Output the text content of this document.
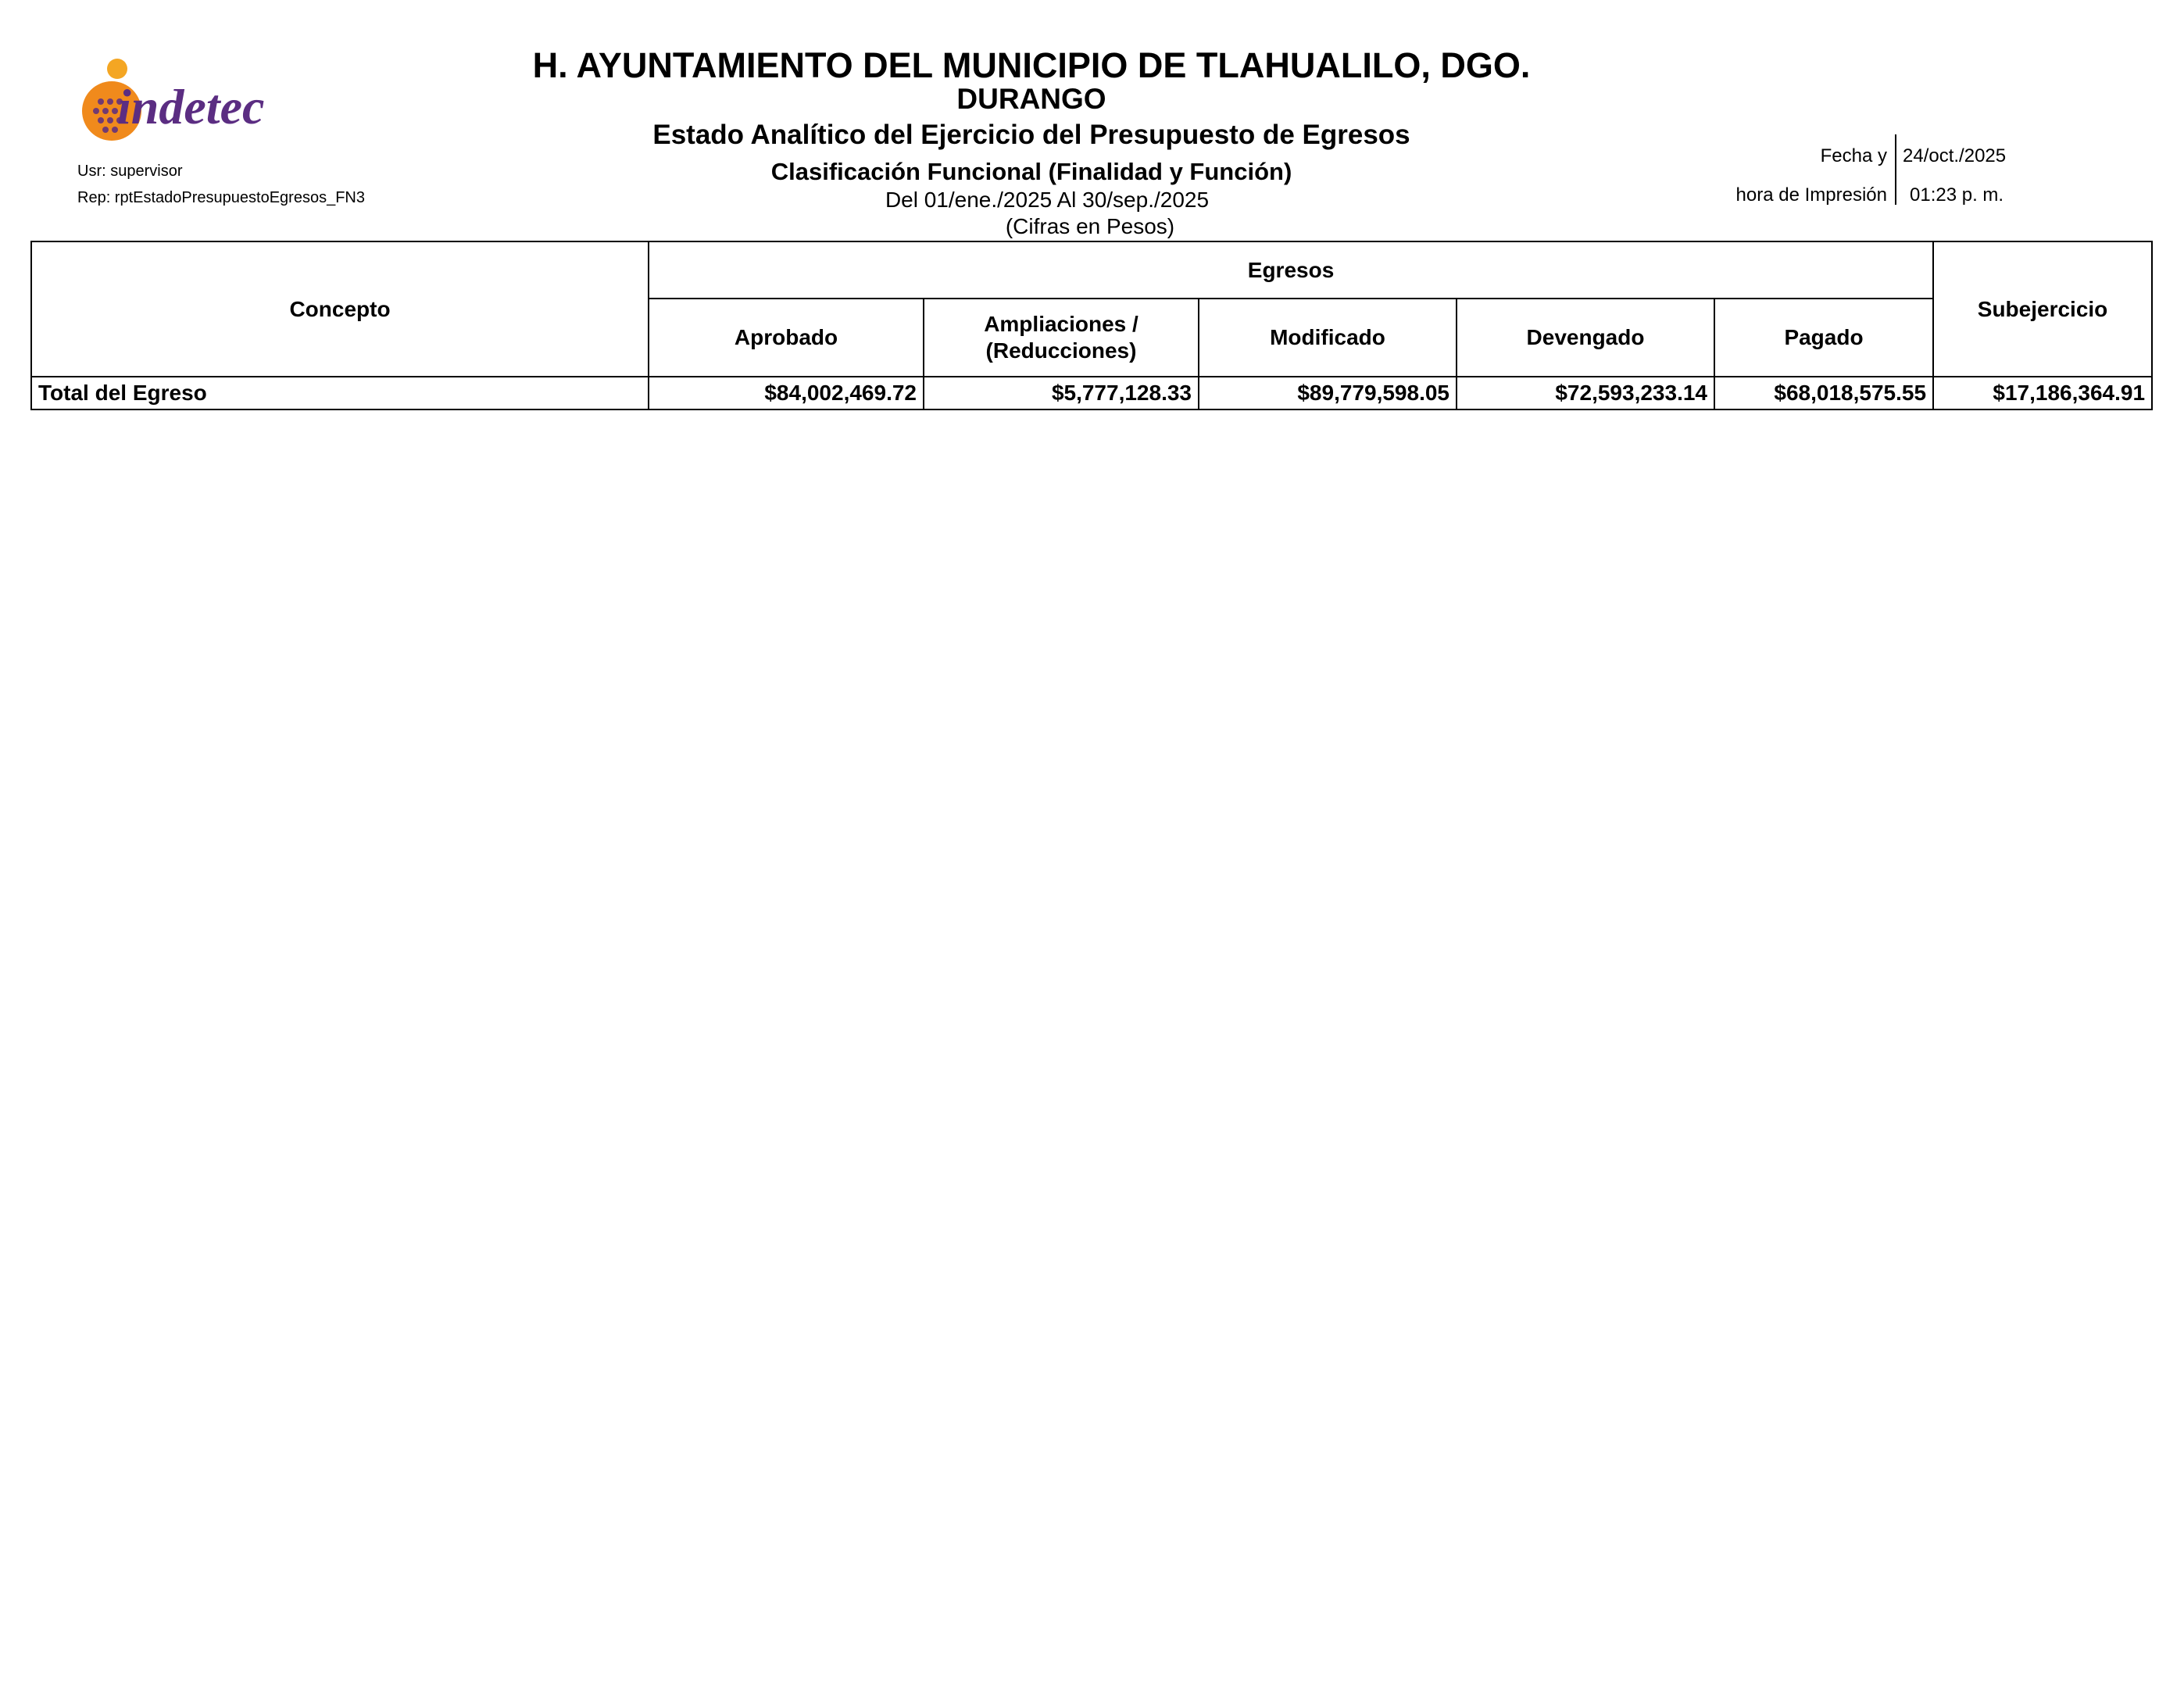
indetec
Usr: supervisor
Rep: rptEstadoPresupuestoEgresos_FN3
H. AYUNTAMIENTO DEL MUNICIPIO DE TLAHUALILO, DGO.
DURANGO
Estado Analítico del Ejercicio del Presupuesto de Egresos
Clasificación Funcional (Finalidad y Función)
Del 01/ene./2025 Al 30/sep./2025
(Cifras en Pesos)
Fecha y
hora de Impresión
24/oct./2025
01:23 p. m.
Concepto	Egresos					Subejercicio
	Aprobado	Ampliaciones / (Reducciones)	Modificado	Devengado	Pagado	
Total del Egreso	$84,002,469.72	$5,777,128.33	$89,779,598.05	$72,593,233.14	$68,018,575.55	$17,186,364.91
